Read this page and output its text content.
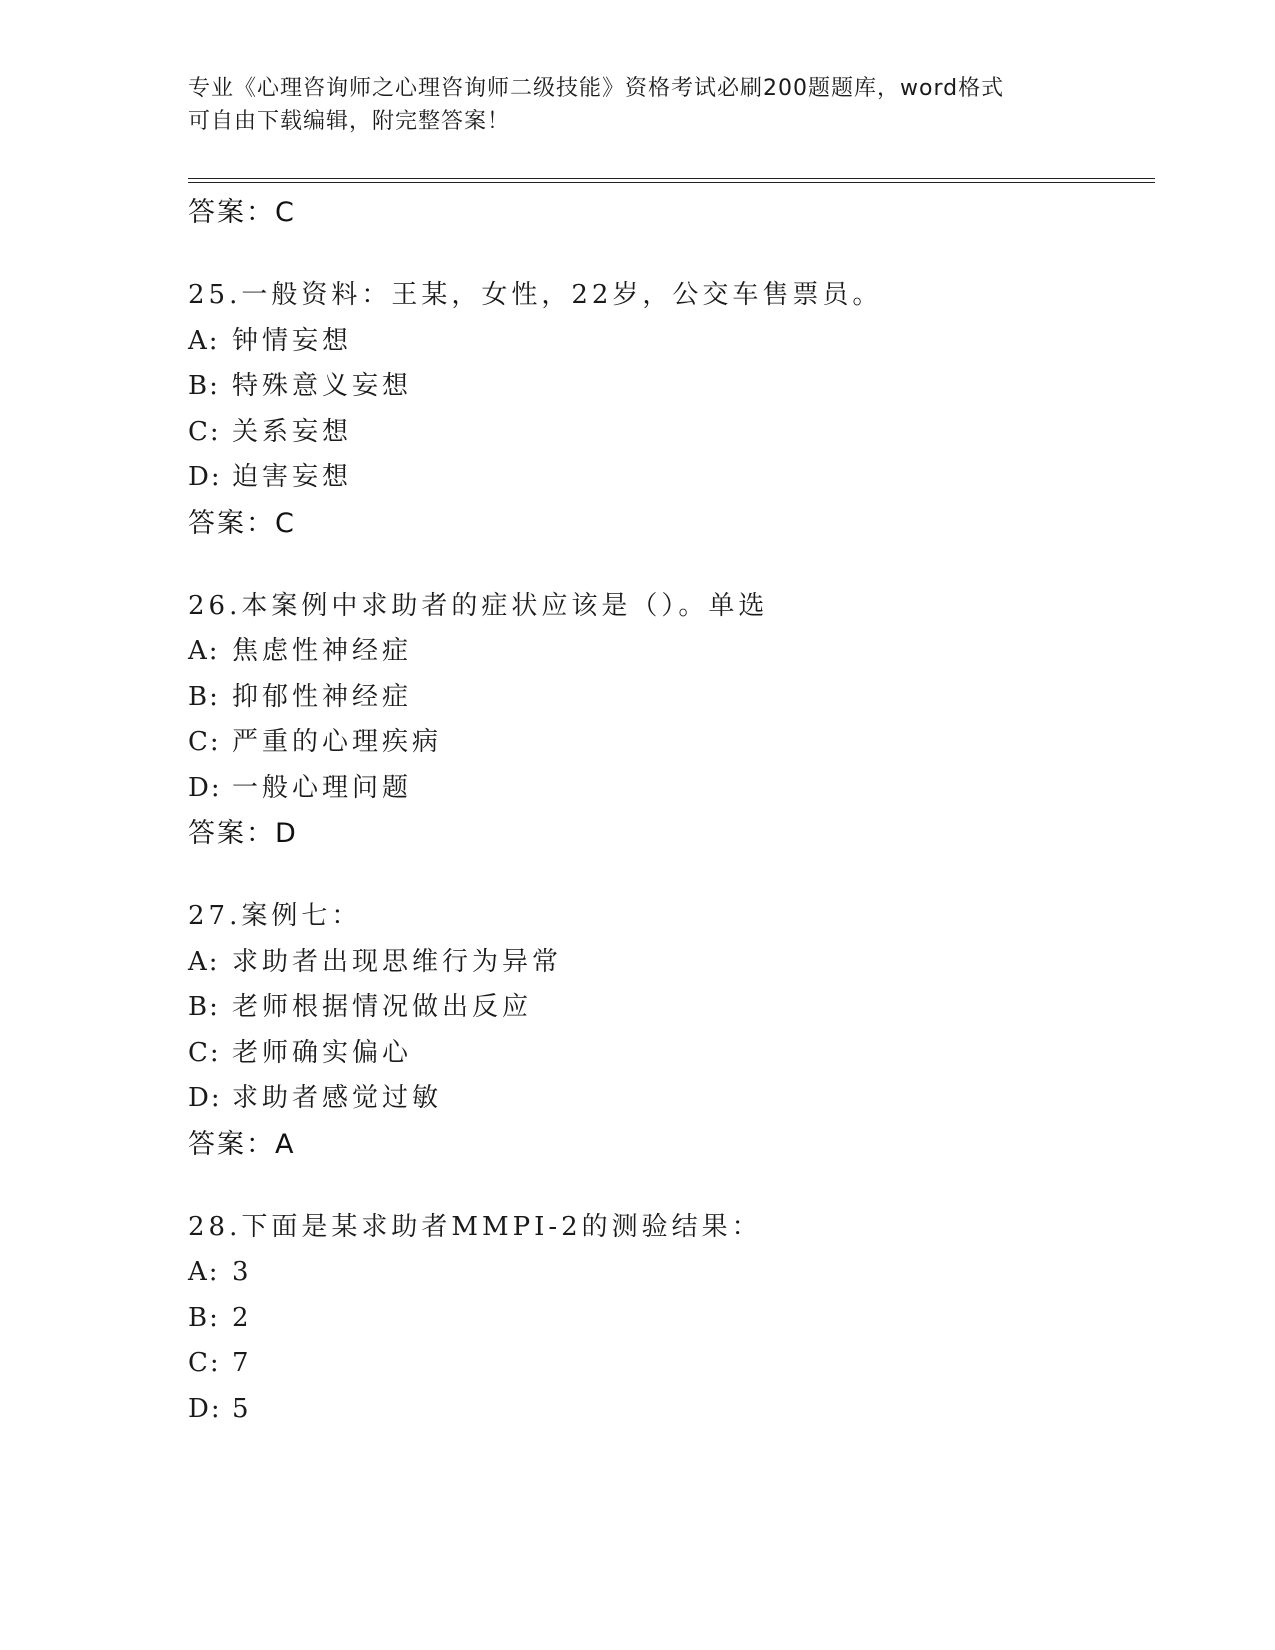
专业《心理咨询师之心理咨询师二级技能》资格考试必刷200题题库，word格式
可自由下载编辑，附完整答案！
答案：C
25.一般资料：王某，女性，22岁，公交车售票员。
A: 钟情妄想
B: 特殊意义妄想
C: 关系妄想
D: 迫害妄想
答案：C
26.本案例中求助者的症状应该是（）。单选
A: 焦虑性神经症
B: 抑郁性神经症
C: 严重的心理疾病
D: 一般心理问题
答案：D
27.案例七：
A: 求助者出现思维行为异常
B: 老师根据情况做出反应
C: 老师确实偏心
D: 求助者感觉过敏
答案：A
28.下面是某求助者MMPI-2的测验结果：
A: 3
B: 2
C: 7
D: 5
